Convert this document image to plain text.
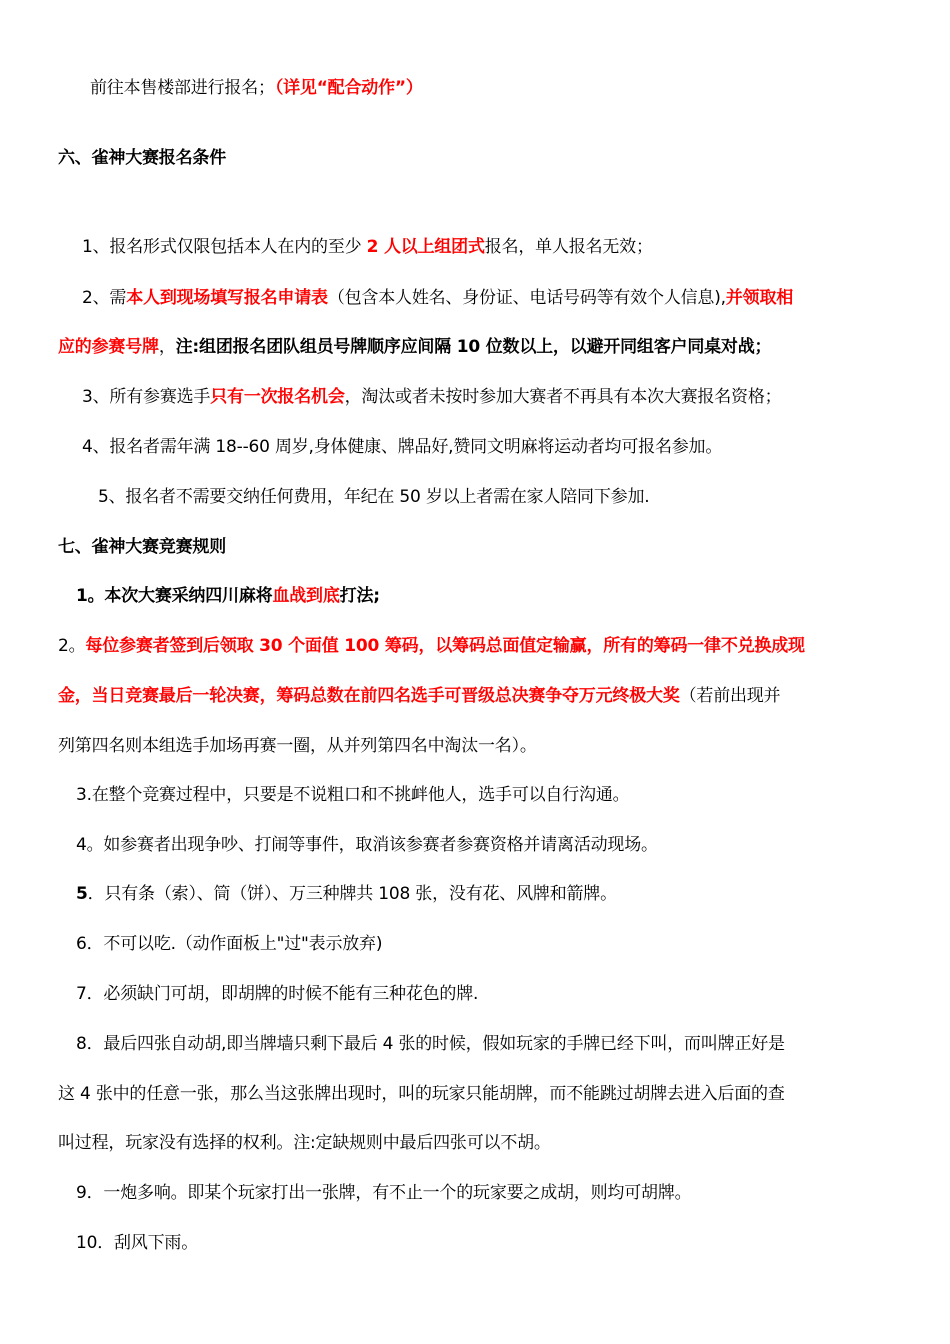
前往本售楼部进行报名；（详见“配合动作”）
六、雀神大赛报名条件
1、报名形式仅限包括本人在内的至少 2 人以上组团式报名，单人报名无效；
2、需本人到现场填写报名申请表（包含本人姓名、身份证、电话号码等有效个人信息),并领取相
应的参赛号牌，注:组团报名团队组员号牌顺序应间隔 10 位数以上，以避开同组客户同桌对战；
3、所有参赛选手只有一次报名机会，淘汰或者未按时参加大赛者不再具有本次大赛报名资格；
4、报名者需年满 18--60 周岁,身体健康、牌品好,赞同文明麻将运动者均可报名参加。
5、报名者不需要交纳任何费用，年纪在 50 岁以上者需在家人陪同下参加.
七、雀神大赛竞赛规则
1。本次大赛采纳四川麻将血战到底打法;
2。每位参赛者签到后领取 30 个面值 100 筹码，以筹码总面值定输赢，所有的筹码一律不兑换成现
金，当日竞赛最后一轮决赛，筹码总数在前四名选手可晋级总决赛争夺万元终极大奖（若前出现并
列第四名则本组选手加场再赛一圈，从并列第四名中淘汰一名）。
3.在整个竞赛过程中，只要是不说粗口和不挑衅他人，选手可以自行沟通。
4。如参赛者出现争吵、打闹等事件，取消该参赛者参赛资格并请离活动现场。
5．只有条（索）、筒（饼）、万三种牌共 108 张，没有花、风牌和箭牌。
6．不可以吃.（动作面板上"过"表示放弃)
7．必须缺门可胡，即胡牌的时候不能有三种花色的牌.
8．最后四张自动胡,即当牌墙只剩下最后 4 张的时候，假如玩家的手牌已经下叫，而叫牌正好是
这 4 张中的任意一张，那么当这张牌出现时，叫的玩家只能胡牌，而不能跳过胡牌去进入后面的查
叫过程，玩家没有选择的权利。注:定缺规则中最后四张可以不胡。
9．一炮多响。即某个玩家打出一张牌，有不止一个的玩家要之成胡，则均可胡牌。
10．刮风下雨。
